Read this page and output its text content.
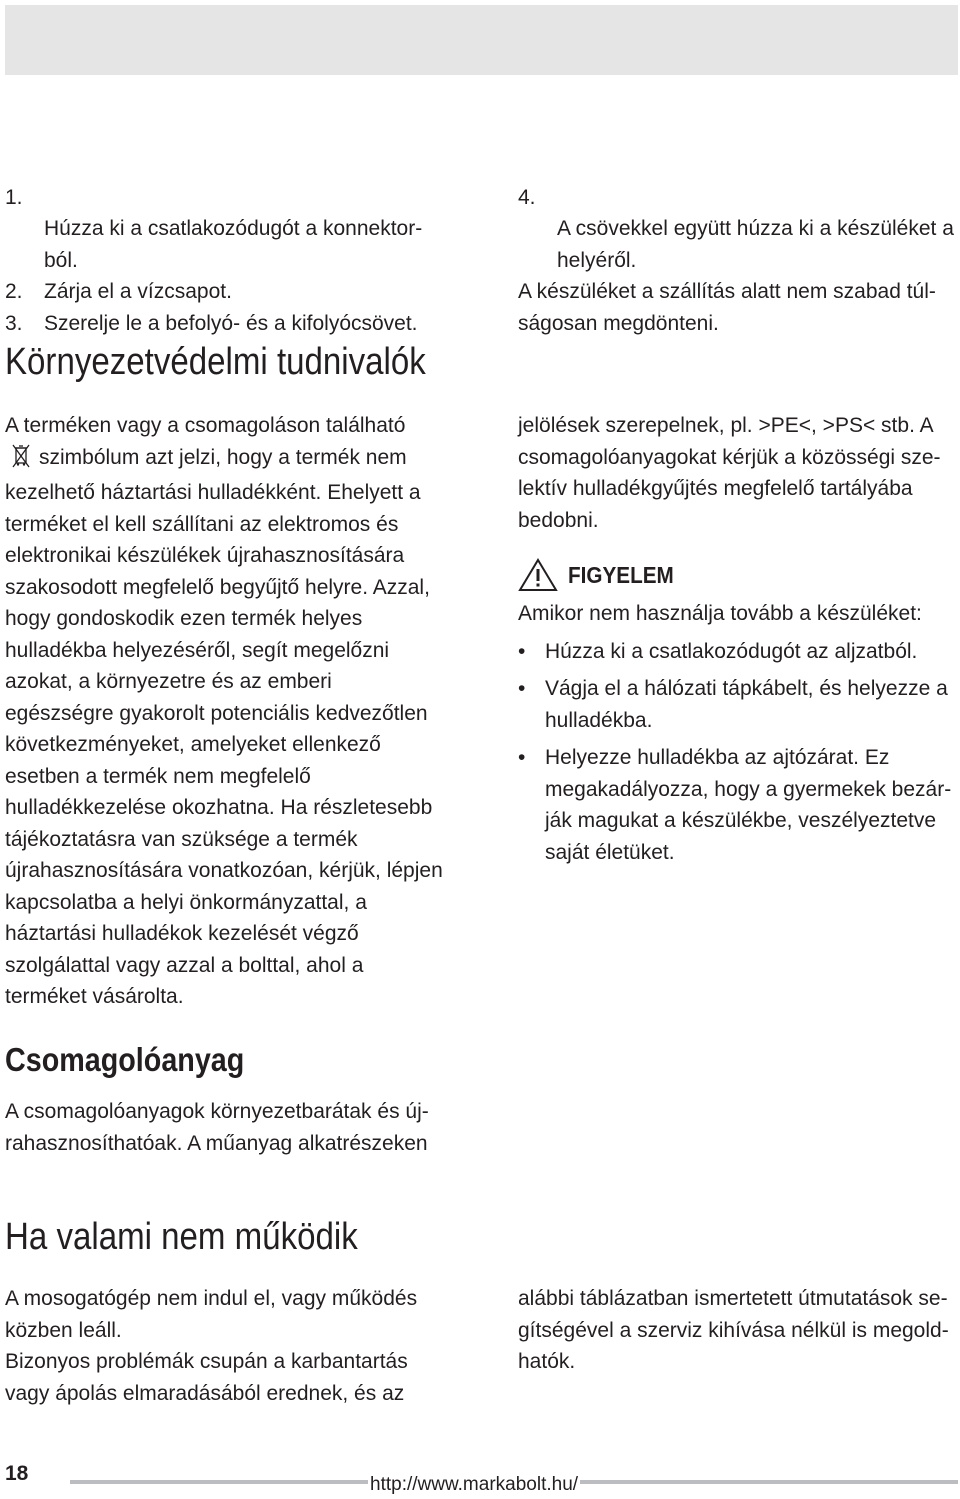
1.

Húzza ki a csatlakozódugót a konnektor-
ból.

2. Zárja el a vízcsapot.
3. Szerelje le a befolyó- és a kifolyócsövet.

4.

A csövekkel együtt húzza ki a készüléket a
helyéről.

A készüléket a szállítás alatt nem szabad túl-
ságosan megdönteni.

Környezetvédelmi tudnivalók

A terméken vagy a csomagoláson található

szimbólum azt jelzi, hogy a termék nem kezelhető háztartási hulladékként. Ehelyett a terméket el kell szállítani az elektromos és elektronikai készülékek újrahasznosítására szakosodott megfelelő begyűjtő helyre. Azzal, hogy gondoskodik ezen termék helyes hulladékba helyezéséről, segít megelőzni azokat, a környezetre és az emberi egészségre gyakorolt potenciális kedvezőtlen következményeket, amelyeket ellenkező esetben a termék nem megfelelő hulladékkezelése okozhatna. Ha részletesebb tájékoztatásra van szüksége a termék újrahasznosítására vonatkozóan, kérjük, lépjen kapcsolatba a helyi önkormányzattal, a háztartási hulladékok kezelését végző szolgálattal vagy azzal a bolttal, ahol a terméket vásárolta.

jelölések szerepelnek, pl. >PE<, >PS< stb. A csomagolóanyagokat kérjük a közösségi sze-
lektív hulladékgyűjtés megfelelő tartályába bedobni.

FIGYELEM

Amikor nem használja tovább a készüléket:

• Húzza ki a csatlakozódugót az aljzatból.
• Vágja el a hálózati tápkábelt, és helyezze a hulladékba.
• Helyezze hulladékba az ajtózárat. Ez megakadályozza, hogy a gyermekek bezár-
ják magukat a készülékbe, veszélyeztetve saját életüket.
Csomagolóanyag

A csomagolóanyagok környezetbarátak és új-
rahasznosíthatóak. A műanyag alkatrészeken

Ha valami nem működik

A mosogatógép nem indul el, vagy működés közben leáll.

Bizonyos problémák csupán a karbantartás vagy ápolás elmaradásából erednek, és az

alábbi táblázatban ismertetett útmutatások se-
gítségével a szerviz kihívása nélkül is megold-
hatók.

18	http://www.markabolt.hu/
